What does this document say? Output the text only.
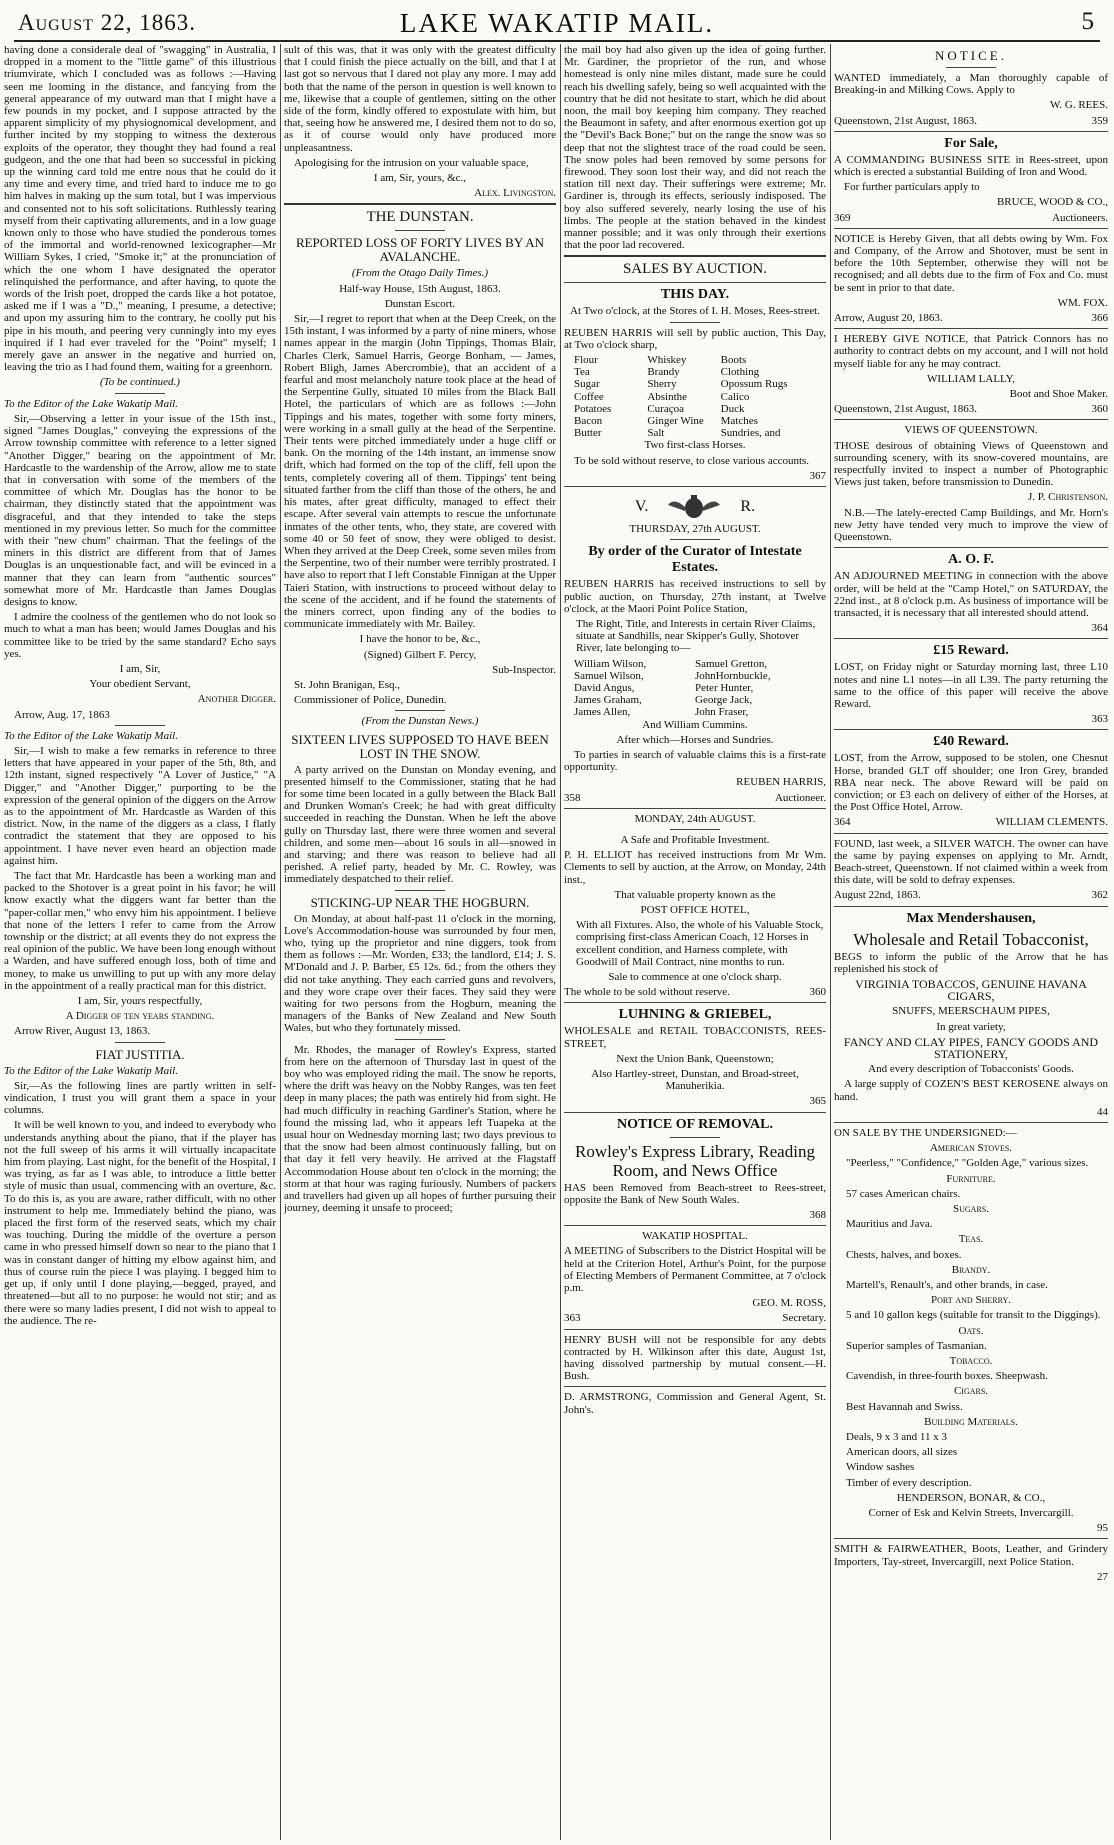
August 22, 1863.	LAKE WAKATIP MAIL.	5

having done a considerale deal of "swagging" in Australia, I dropped in a moment to the "little game" of this illustrious triumvirate, which I concluded was as follows :—Having seen me looming in the distance, and fancying from the general appearance of my outward man that I might have a few pounds in my pocket, and I suppose attracted by the apparent simplicity of my physiognomical development, and further incited by my stopping to witness the dexterous exploits of the operator, they thought they had found a real gudgeon, and the one that had been so successful in picking up the winning card told me entre nous that he could do it any time and every time, and tried hard to induce me to go him halves in making up the sum total, but I was impervious and consented not to his soft solicitations. Ruthlessly tearing myself from their captivating allurements, and in a low guage known only to those who have studied the ponderous tomes of the immortal and world-renowned lexicographer—Mr William Sykes, I cried, "Smoke it;" at the pronunciation of which the one whom I have designated the operator relinquished the performance, and after having, to quote the words of the Irish poet, dropped the cards like a hot potatoe, asked me if I was a "D.," meaning, I presume, a detective; and upon my assuring him to the contrary, he coolly put his pipe in his mouth, and peering very cunningly into my eyes inquired if I had ever traveled for the "Point" myself; I merely gave an answer in the negative and hurried on, leaving the trio as I had found them, waiting for a greenhorn.

(To be continued.)

To the Editor of the Lake Wakatip Mail.

Sir,—Observing a letter in your issue of the 15th inst., signed "James Douglas," conveying the expressions of the Arrow township committee with reference to a letter signed "Another Digger," bearing on the appointment of Mr. Hardcastle to the wardenship of the Arrow, allow me to state that in conversation with some of the members of the committee of which Mr. Douglas has the honor to be chairman, they distinctly stated that the appointment was disgraceful, and that they intended to take the steps mentioned in my previous letter. So much for the committee with their "new chum" chairman. That the feelings of the miners in this district are different from that of James Douglas is an unquestionable fact, and will be evinced in a manner that they can learn from "authentic sources" somewhat more of Mr. Hardcastle than James Douglas designs to know.

I admire the coolness of the gentlemen who do not look so much to what a man has been; would James Douglas and his committee like to be tried by the same standard? Echo says yes.

I am, Sir,

Your obedient Servant,

Another Digger.

Arrow, Aug. 17, 1863

To the Editor of the Lake Wakatip Mail.

Sir,—I wish to make a few remarks in reference to three letters that have appeared in your paper of the 5th, 8th, and 12th instant, signed respectively "A Lover of Justice," "A Digger," and "Another Digger," purporting to be the expression of the general opinion of the diggers on the Arrow as to the appointment of Mr. Hardcastle as Warden of this district. Now, in the name of the diggers as a class, I flatly contradict the statement that they are opposed to his appointment. I have never even heard an objection made against him.

The fact that Mr. Hardcastle has been a working man and packed to the Shotover is a great point in his favor; he will know exactly what the diggers want far better than the "paper-collar men," who envy him his appointment. I believe that none of the letters I refer to came from the Arrow township or the district; at all events they do not express the real opinion of the public. We have been long enough without a Warden, and have suffered enough loss, both of time and money, to make us unwilling to put up with any more delay in the appointment of a really practical man for this district.

I am, Sir, yours respectfully,

A Digger of ten years standing.

Arrow River, August 13, 1863.

FIAT JUSTITIA.

To the Editor of the Lake Wakatip Mail.

Sir,—As the following lines are partly written in self-vindication, I trust you will grant them a space in your columns.

It will be well known to you, and indeed to everybody who understands anything about the piano, that if the player has not the full sweep of his arms it will virtually incapacitate him from playing. Last night, for the benefit of the Hospital, I was trying, as far as I was able, to introduce a little better style of music than usual, commencing with an overture, &c. To do this is, as you are aware, rather difficult, with no other instrument to help me. Immediately behind the piano, was placed the first form of the reserved seats, which my chair was touching. During the middle of the overture a person came in who pressed himself down so near to the piano that I was in constant danger of hitting my elbow against him, and thus of course ruin the piece I was playing. I begged him to get up, if only until I done playing,—begged, prayed, and threatened—but all to no purpose: he would not stir; and as there were so many ladies present, I did not wish to appeal to the audience. The re-

sult of this was, that it was only with the greatest difficulty that I could finish the piece actually on the bill, and that I at last got so nervous that I dared not play any more. I may add both that the name of the person in question is well known to me, likewise that a couple of gentlemen, sitting on the other side of the form, kindly offered to expostulate with him, but that, seeing how he answered me, I desired them not to do so, as it of course would only have produced more unpleasantness.

Apologising for the intrusion on your valuable space,

I am, Sir, yours, &c.,

Alex. Livingston.

THE DUNSTAN.

REPORTED LOSS OF FORTY LIVES BY AN AVALANCHE.

(From the Otago Daily Times.)

Half-way House, 15th August, 1863.

Dunstan Escort.

Sir,—I regret to report that when at the Deep Creek, on the 15th instant, I was informed by a party of nine miners, whose names appear in the margin (John Tippings, Thomas Blair, Charles Clerk, Samuel Harris, George Bonham, — James, Robert Bligh, James Abercrombie), that an accident of a fearful and most melancholy nature took place at the head of the Serpentine Gully, situated 10 miles from the Black Ball Hotel, the particulars of which are as follows :—John Tippings and his mates, together with some forty miners, were working in a small gully at the head of the Serpentine. Their tents were pitched immediately under a huge cliff or bank. On the morning of the 14th instant, an immense snow drift, which had formed on the top of the cliff, fell upon the tents, completely covering all of them. Tippings' tent being situated farther from the cliff than those of the others, he and his mates, after great difficulty, managed to effect their escape. After several vain attempts to rescue the unfortunate inmates of the other tents, who, they state, are covered with some 40 or 50 feet of snow, they were obliged to desist. When they arrived at the Deep Creek, some seven miles from the Serpentine, two of their number were terribly prostrated. I have also to report that I left Constable Finnigan at the Upper Taieri Station, with instructions to proceed without delay to the scene of the accident, and if he found the statements of the miners correct, upon finding any of the bodies to communicate immediately with Mr. Bailey.

I have the honor to be, &c.,

(Signed) Gilbert F. Percy,

Sub-Inspector.

St. John Branigan, Esq.,

Commissioner of Police, Dunedin.

(From the Dunstan News.)

SIXTEEN LIVES SUPPOSED TO HAVE BEEN LOST IN THE SNOW.

A party arrived on the Dunstan on Monday evening, and presented himself to the Commissioner, stating that he had for some time been located in a gully between the Black Ball and Drunken Woman's Creek; he had with great difficulty succeeded in reaching the Dunstan. When he left the above gully on Thursday last, there were three women and several children, and some men—about 16 souls in all—snowed in and starving; and there was reason to believe had all perished. A relief party, headed by Mr. C. Rowley, was immediately despatched to their relief.

STICKING-UP NEAR THE HOGBURN.

On Monday, at about half-past 11 o'clock in the morning, Love's Accommodation-house was surrounded by four men, who, tying up the proprietor and nine diggers, took from them as follows :—Mr. Worden, £33; the landlord, £14; J. S. M'Donald and J. P. Barber, £5 12s. 6d.; from the others they did not take anything. They each carried guns and revolvers, and they wore crape over their faces. They said they were waiting for two persons from the Hogburn, meaning the managers of the Banks of New Zealand and New South Wales, but who they fortunately missed.

Mr. Rhodes, the manager of Rowley's Express, started from here on the afternoon of Thursday last in quest of the boy who was employed riding the mail. The snow he reports, where the drift was heavy on the Nobby Ranges, was ten feet deep in many places; the path was entirely hid from sight. He had much difficulty in reaching Gardiner's Station, where he found the missing lad, who it appears left Tuapeka at the usual hour on Wednesday morning last; two days previous to that the snow had been almost continuously falling, but on that day it fell very heavily. He arrived at the Flagstaff Accommodation House about ten o'clock in the morning; the storm at that hour was raging furiously. Numbers of packers and travellers had given up all hopes of further pursuing their journey, deeming it unsafe to proceed;

the mail boy had also given up the idea of going further. Mr. Gardiner, the proprietor of the run, and whose homestead is only nine miles distant, made sure he could reach his dwelling safely, being so well acquainted with the country that he did not hesitate to start, which he did about noon, the mail boy keeping him company. They reached the Beaumont in safety, and after enormous exertion got up the "Devil's Back Bone;" but on the range the snow was so deep that not the slightest trace of the road could be seen. The snow poles had been removed by some persons for firewood. They soon lost their way, and did not reach the station till next day. Their sufferings were extreme; Mr. Gardiner is, through its effects, seriously indisposed. The boy also suffered severely, nearly losing the use of his limbs. The people at the station behaved in the kindest manner possible; and it was only through their exertions that the poor lad recovered.

SALES BY AUCTION.

THIS DAY.

At Two o'clock, at the Stores of I. H. Moses, Rees-street.

REUBEN HARRIS will sell by public auction, This Day, at Two o'clock sharp,

Flour	Whiskey	Boots
Tea	Brandy	Clothing
Sugar	Sherry	Opossum Rugs
Coffee	Absinthe	Calico
Potatoes	Curaçoa	Duck
Bacon	Ginger Wine	Matches
Butter	Salt	Sundries, and

Two first-class Horses.

To be sold without reserve, to close various accounts.

367

V.	R.

THURSDAY, 27th AUGUST.

By order of the Curator of Intestate Estates.

REUBEN HARRIS has received instructions to sell by public auction, on Thursday, 27th instant, at Twelve o'clock, at the Maori Point Police Station,

The Right, Title, and Interests in certain River Claims, situate at Sandhills, near Skipper's Gully, Shotover River, late belonging to—

William Wilson,	Samuel Gretton,
Samuel Wilson,	JohnHornbuckle,
David Angus,	Peter Hunter,
James Graham,	George Jack,
James Allen,	John Fraser,

And William Cummins.

After which—Horses and Sundries.

To parties in search of valuable claims this is a first-rate opportunity.

REUBEN HARRIS,

358	Auctioneer.

MONDAY, 24th AUGUST.

A Safe and Profitable Investment.

P. H. ELLIOT has received instructions from Mr Wm. Clements to sell by auction, at the Arrow, on Monday, 24th inst.,

That valuable property known as the

POST OFFICE HOTEL,

With all Fixtures. Also, the whole of his Valuable Stock, comprising first-class American Coach, 12 Horses in excellent condition, and Harness complete, with Goodwill of Mail Contract, nine months to run.

Sale to commence at one o'clock sharp.

The whole to be sold without reserve.	360

LUHNING & GRIEBEL,

WHOLESALE and RETAIL TOBACCONISTS, REES-STREET,

Next the Union Bank, Queenstown;

Also Hartley-street, Dunstan, and Broad-street, Manuherikia.

365

NOTICE OF REMOVAL.

Rowley's Express Library, Reading Room, and News Office

HAS been Removed from Beach-street to Rees-street, opposite the Bank of New South Wales.

368

WAKATIP HOSPITAL.

A MEETING of Subscribers to the District Hospital will be held at the Criterion Hotel, Arthur's Point, for the purpose of Electing Members of Permanent Committee, at 7 o'clock p.m.

GEO. M. ROSS,

363	Secretary.

HENRY BUSH will not be responsible for any debts contracted by H. Wilkinson after this date, August 1st, having dissolved partnership by mutual consent.—H. Bush.

D. ARMSTRONG, Commission and General Agent, St. John's.

NOTICE.

WANTED immediately, a Man thoroughly capable of Breaking-in and Milking Cows. Apply to

W. G. REES.

Queenstown, 21st August, 1863.	359

For Sale,

A COMMANDING BUSINESS SITE in Rees-street, upon which is erected a substantial Building of Iron and Wood.

For further particulars apply to

BRUCE, WOOD & CO.,

369	Auctioneers.

NOTICE is Hereby Given, that all debts owing by Wm. Fox and Company, of the Arrow and Shotover, must be sent in before the 10th September, otherwise they will not be recognised; and all debts due to the firm of Fox and Co. must be sent in prior to that date.

WM. FOX.

Arrow, August 20, 1863.	366

I HEREBY GIVE NOTICE, that Patrick Connors has no authority to contract debts on my account, and I will not hold myself liable for any he may contract.

WILLIAM LALLY,

Boot and Shoe Maker.

Queenstown, 21st August, 1863.	360

VIEWS OF QUEENSTOWN.

THOSE desirous of obtaining Views of Queenstown and surrounding scenery, with its snow-covered mountains, are respectfully invited to inspect a number of Photographic Views just taken, before transmission to Dunedin.

J. P. Christenson.

N.B.—The lately-erected Camp Buildings, and Mr. Horn's new Jetty have tended very much to improve the view of Queenstown.

A. O. F.

AN ADJOURNED MEETING in connection with the above order, will be held at the "Camp Hotel," on SATURDAY, the 22nd inst., at 8 o'clock p.m. As business of importance will be transacted, it is necessary that all interested should attend.

364

£15 Reward.

LOST, on Friday night or Saturday morning last, three L10 notes and nine L1 notes—in all L39. The party returning the same to the office of this paper will receive the above Reward.

363

£40 Reward.

LOST, from the Arrow, supposed to be stolen, one Chesnut Horse, branded GLT off shoulder; one Iron Grey, branded RBA near neck. The above Reward will be paid on conviction; or £3 each on delivery of either of the Horses, at the Post Office Hotel, Arrow.

364	WILLIAM CLEMENTS.

FOUND, last week, a SILVER WATCH. The owner can have the same by paying expenses on applying to Mr. Arndt, Beach-street, Queenstown. If not claimed within a week from this date, will be sold to defray expenses.

August 22nd, 1863.	362

Max Mendershausen,

Wholesale and Retail Tobacconist,

BEGS to inform the public of the Arrow that he has replenished his stock of

VIRGINIA TOBACCOS, GENUINE HAVANA CIGARS,

SNUFFS, MEERSCHAUM PIPES,

In great variety,

FANCY AND CLAY PIPES, FANCY GOODS AND STATIONERY,

And every description of Tobacconists' Goods.

A large supply of COZEN'S BEST KEROSENE always on hand.

44

ON SALE BY THE UNDERSIGNED:—

American Stoves.

"Peerless," "Confidence," "Golden Age," various sizes.

Furniture.

57 cases American chairs.

Sugars.

Mauritius and Java.

Teas.

Chests, halves, and boxes.

Brandy.

Martell's, Renault's, and other brands, in case.

Port and Sherry.

5 and 10 gallon kegs (suitable for transit to the Diggings).

Oats.

Superior samples of Tasmanian.

Tobacco.

Cavendish, in three-fourth boxes. Sheepwash.

Cigars.

Best Havannah and Swiss.

Building Materials.

Deals, 9 x 3 and 11 x 3

American doors, all sizes

Window sashes

Timber of every description.

HENDERSON, BONAR, & CO.,

Corner of Esk and Kelvin Streets, Invercargill.

95

SMITH & FAIRWEATHER, Boots, Leather, and Grindery Importers, Tay-street, Invercargill, next Police Station.

27
